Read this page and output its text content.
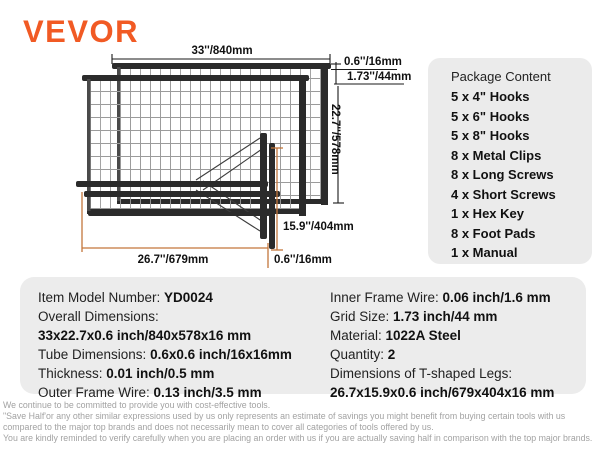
VEVOR
33''/840mm
0.6''/16mm
1.73''/44mm
22.7''/578mm
15.9''/404mm
26.7''/679mm	0.6''/16mm
Package Content
5 x 4" Hooks
5 x 6" Hooks
5 x 8" Hooks
8 x Metal Clips
8 x Long Screws
4 x Short Screws
1 x Hex Key
8 x Foot Pads
1 x Manual
Item Model Number: YD0024
Overall Dimensions:
33x22.7x0.6 inch/840x578x16 mm
Tube Dimensions: 0.6x0.6 inch/16x16mm
Thickness: 0.01 inch/0.5 mm
Outer Frame Wire: 0.13 inch/3.5 mm
Inner Frame Wire: 0.06 inch/1.6 mm
Grid Size: 1.73 inch/44 mm
Material: 1022A Steel
Quantity: 2
Dimensions of T-shaped Legs:
26.7x15.9x0.6 inch/679x404x16 mm
We continue to be committed to provide you with cost-effective tools.
"Save Half'or any other similar expressions used by us only represents an estimate of savings you might benefit from buying certain tools with us
compared to the major top brands and does not necessarily mean to cover all categories of tools offered by us.
You are kindly reminded to verify carefully when you are placing an order with us if you are actually saving half in comparison with the top major brands.
